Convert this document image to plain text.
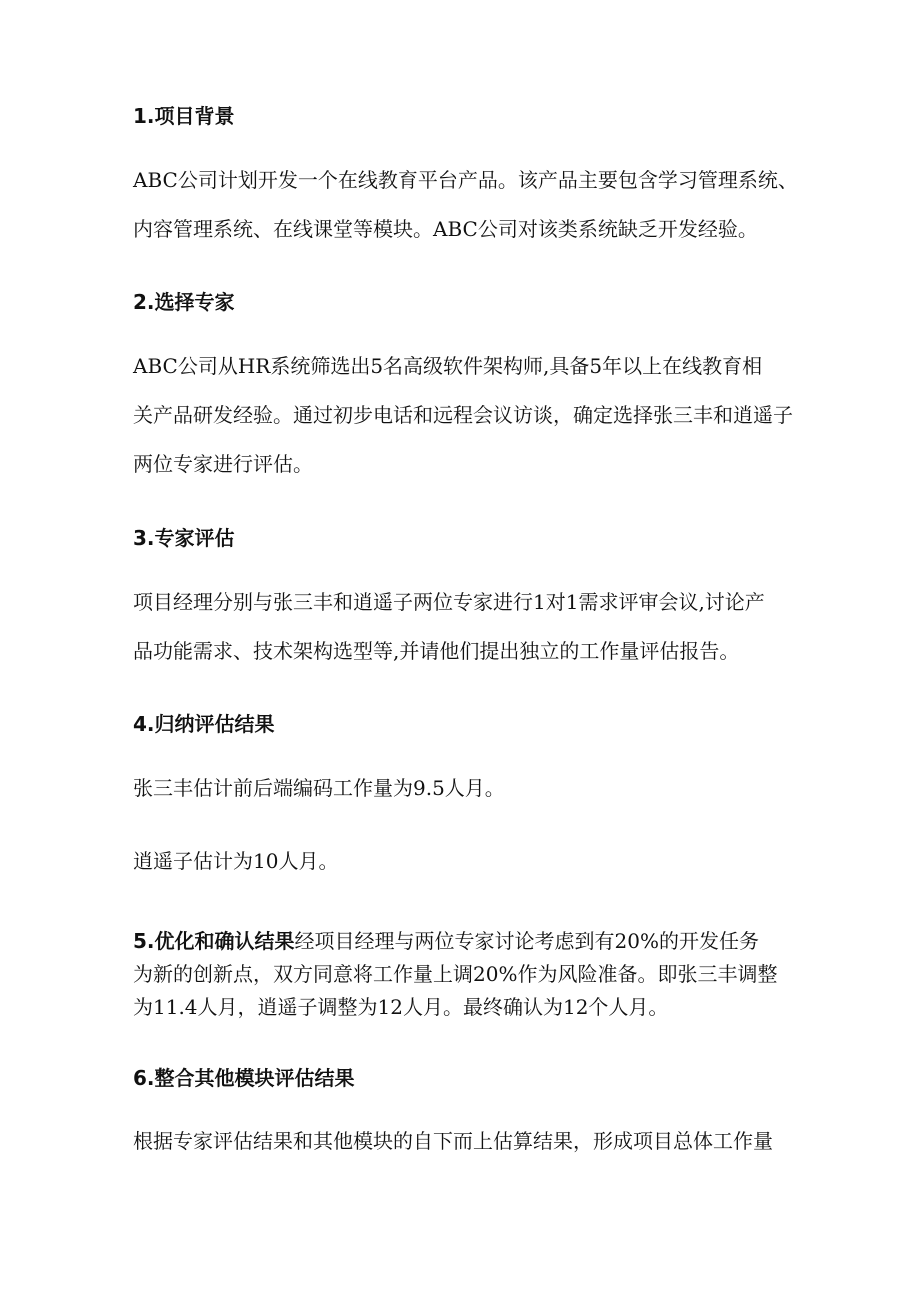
1.项目背景
ABC公司计划开发一个在线教育平台产品。该产品主要包含学习管理系统、
内容管理系统、在线课堂等模块。ABC公司对该类系统缺乏开发经验。
2.选择专家
ABC公司从HR系统筛选出5名高级软件架构师,具备5年以上在线教育相
关产品研发经验。通过初步电话和远程会议访谈，确定选择张三丰和逍遥子
两位专家进行评估。
3.专家评估
项目经理分别与张三丰和逍遥子两位专家进行1对1需求评审会议,讨论产
品功能需求、技术架构选型等,并请他们提出独立的工作量评估报告。
4.归纳评估结果
张三丰估计前后端编码工作量为9.5人月。
逍遥子估计为10人月。
5.优化和确认结果经项目经理与两位专家讨论考虑到有20%的开发任务
为新的创新点，双方同意将工作量上调20%作为风险准备。即张三丰调整
为11.4人月，逍遥子调整为12人月。最终确认为12个人月。
6.整合其他模块评估结果
根据专家评估结果和其他模块的自下而上估算结果，形成项目总体工作量
